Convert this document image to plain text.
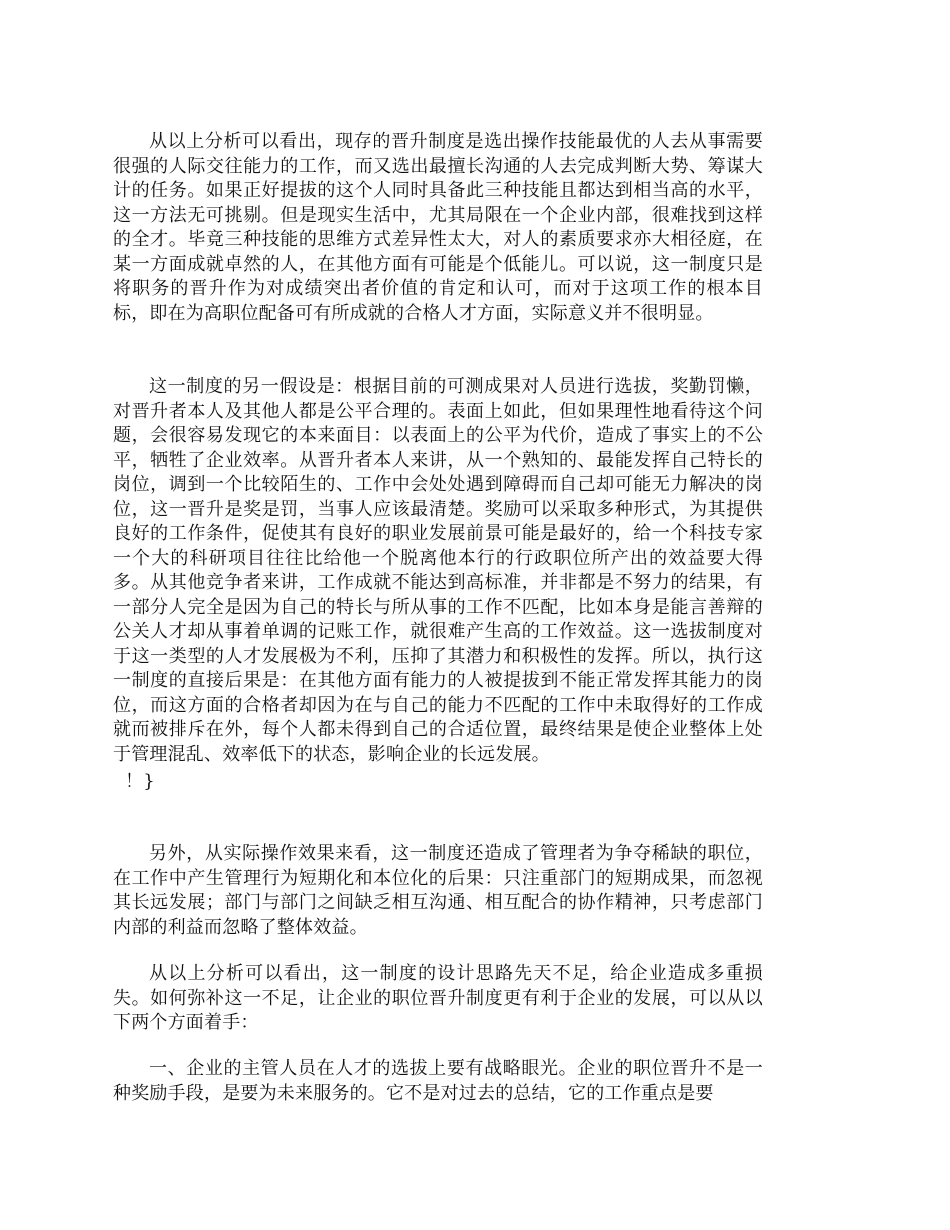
从以上分析可以看出，现存的晋升制度是选出操作技能最优的人去从事需要很强的人际交往能力的工作，而又选出最擅长沟通的人去完成判断大势、筹谋大计的任务。如果正好提拔的这个人同时具备此三种技能且都达到相当高的水平，这一方法无可挑剔。但是现实生活中，尤其局限在一个企业内部，很难找到这样的全才。毕竟三种技能的思维方式差异性太大，对人的素质要求亦大相径庭，在某一方面成就卓然的人，在其他方面有可能是个低能儿。可以说，这一制度只是将职务的晋升作为对成绩突出者价值的肯定和认可，而对于这项工作的根本目标，即在为高职位配备可有所成就的合格人才方面，实际意义并不很明显。

这一制度的另一假设是：根据目前的可测成果对人员进行选拔，奖勤罚懒，对晋升者本人及其他人都是公平合理的。表面上如此，但如果理性地看待这个问题，会很容易发现它的本来面目：以表面上的公平为代价，造成了事实上的不公平，牺牲了企业效率。从晋升者本人来讲，从一个熟知的、最能发挥自己特长的岗位，调到一个比较陌生的、工作中会处处遇到障碍而自己却可能无力解决的岗位，这一晋升是奖是罚，当事人应该最清楚。奖励可以采取多种形式，为其提供良好的工作条件，促使其有良好的职业发展前景可能是最好的，给一个科技专家一个大的科研项目往往比给他一个脱离他本行的行政职位所产出的效益要大得多。从其他竞争者来讲，工作成就不能达到高标准，并非都是不努力的结果，有一部分人完全是因为自己的特长与所从事的工作不匹配，比如本身是能言善辩的公关人才却从事着单调的记账工作，就很难产生高的工作效益。这一选拔制度对于这一类型的人才发展极为不利，压抑了其潜力和积极性的发挥。所以，执行这一制度的直接后果是：在其他方面有能力的人被提拔到不能正常发挥其能力的岗位，而这方面的合格者却因为在与自己的能力不匹配的工作中未取得好的工作成就而被排斥在外，每个人都未得到自己的合适位置，最终结果是使企业整体上处于管理混乱、效率低下的状态，影响企业的长远发展。

！}

另外，从实际操作效果来看，这一制度还造成了管理者为争夺稀缺的职位，在工作中产生管理行为短期化和本位化的后果：只注重部门的短期成果，而忽视其长远发展；部门与部门之间缺乏相互沟通、相互配合的协作精神，只考虑部门内部的利益而忽略了整体效益。

从以上分析可以看出，这一制度的设计思路先天不足，给企业造成多重损失。如何弥补这一不足，让企业的职位晋升制度更有利于企业的发展，可以从以下两个方面着手：

一、企业的主管人员在人才的选拔上要有战略眼光。企业的职位晋升不是一种奖励手段，是要为未来服务的。它不是对过去的总结，它的工作重点是要
